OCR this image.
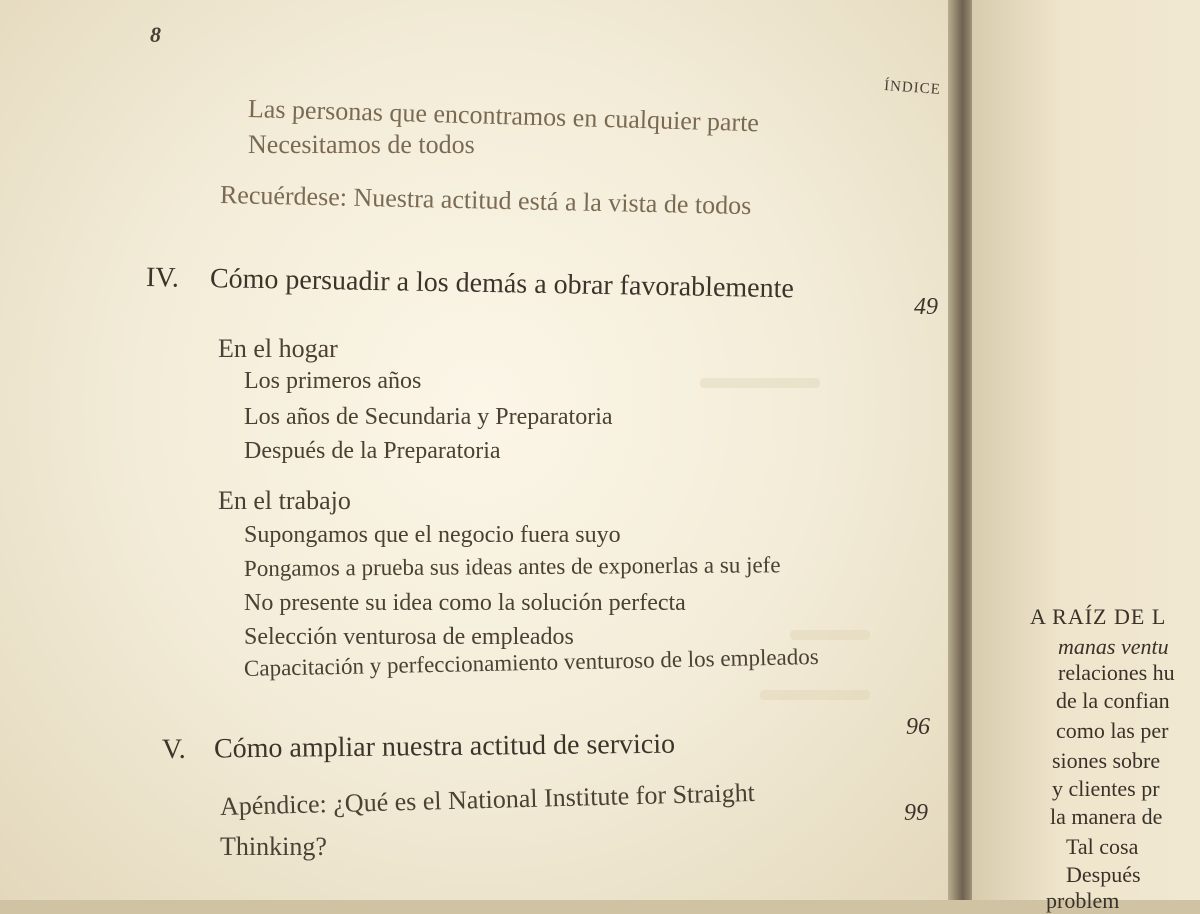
8
ÍNDICE
Las personas que encontramos en cualquier parte
Necesitamos de todos
Recuérdese: Nuestra actitud está a la vista de todos
IV. Cómo persuadir a los demás a obrar favorablemente
49
En el hogar
Los primeros años
Los años de Secundaria y Preparatoria
Después de la Preparatoria
En el trabajo
Supongamos que el negocio fuera suyo
Pongamos a prueba sus ideas antes de exponerlas a su jefe
No presente su idea como la solución perfecta
Selección venturosa de empleados
Capacitación y perfeccionamiento venturoso de los empleados
96
V. Cómo ampliar nuestra actitud de servicio
Apéndice: ¿Qué es el National Institute for Straight	99
Thinking?
A RAÍZ DE L
manas ventu
relaciones hu
de la confian
como las per
siones sobre
y clientes pr
la manera de
Tal cosa
Después
problem
